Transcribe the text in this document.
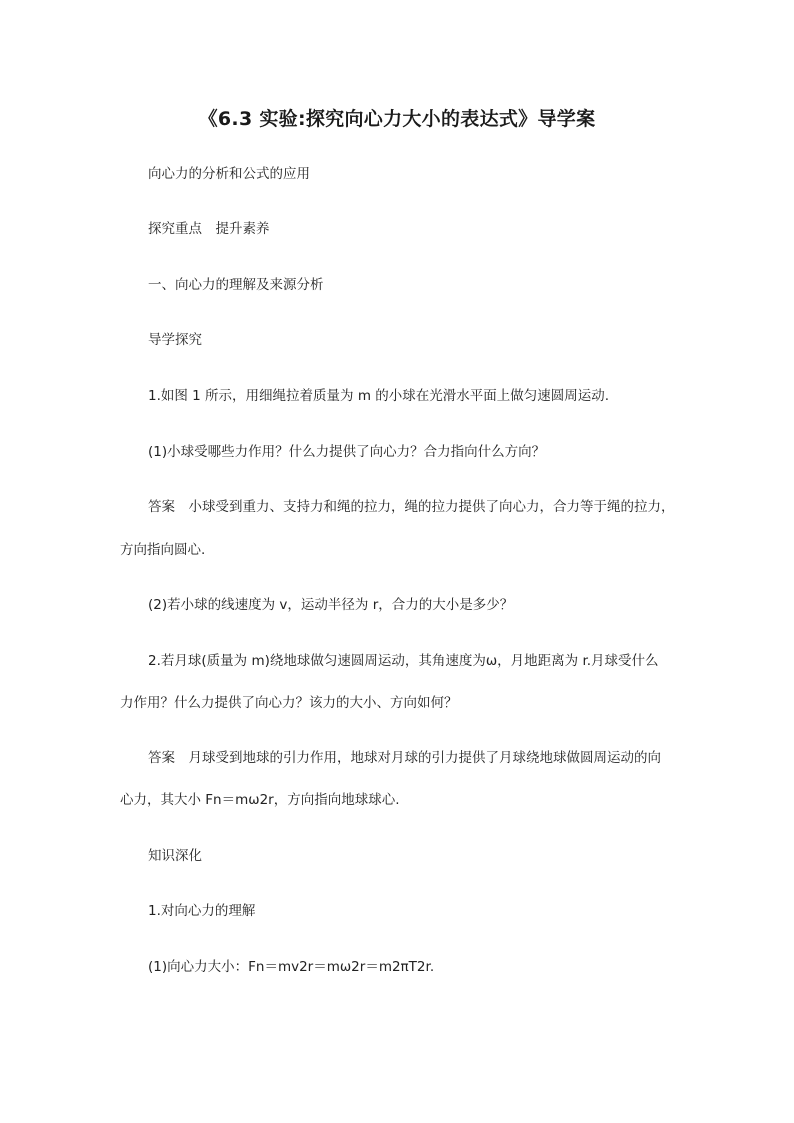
《6.3 实验:探究向心力大小的表达式》导学案
向心力的分析和公式的应用
探究重点　提升素养
一、向心力的理解及来源分析
导学探究
1.如图 1 所示，用细绳拉着质量为 m 的小球在光滑水平面上做匀速圆周运动.
(1)小球受哪些力作用？什么力提供了向心力？合力指向什么方向？
答案　小球受到重力、支持力和绳的拉力，绳的拉力提供了向心力，合力等于绳的拉力，
方向指向圆心.
(2)若小球的线速度为 v，运动半径为 r，合力的大小是多少？
2.若月球(质量为 m)绕地球做匀速圆周运动，其角速度为ω，月地距离为 r.月球受什么
力作用？什么力提供了向心力？该力的大小、方向如何？
答案　月球受到地球的引力作用，地球对月球的引力提供了月球绕地球做圆周运动的向
心力，其大小 Fn＝mω2r，方向指向地球球心.
知识深化
1.对向心力的理解
(1)向心力大小：Fn＝mv2r＝mω2r＝m2πT2r.
